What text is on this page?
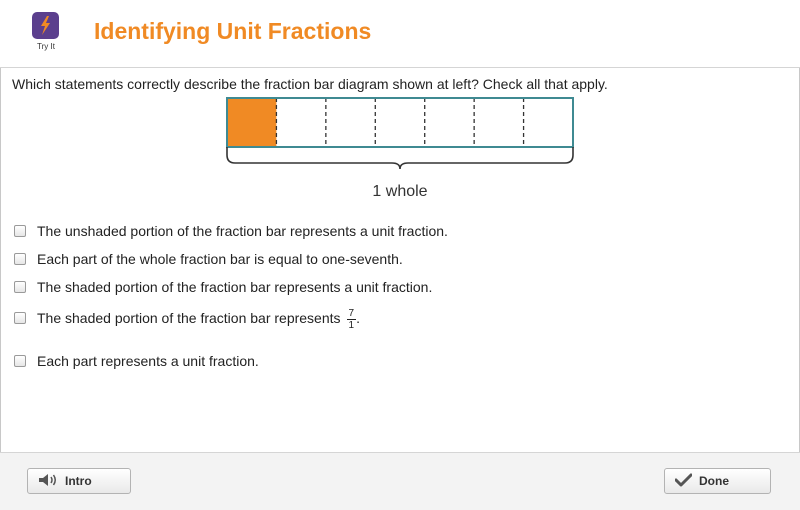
Try It
Identifying Unit Fractions
Which statements correctly describe the fraction bar diagram shown at left? Check all that apply.
1 whole
The unshaded portion of the fraction bar represents a unit fraction.
Each part of the whole fraction bar is equal to one-seventh.
The shaded portion of the fraction bar represents a unit fraction.
The shaded portion of the fraction bar represents $\frac{7}{1}$ .
Each part represents a unit fraction.
Intro	Done
